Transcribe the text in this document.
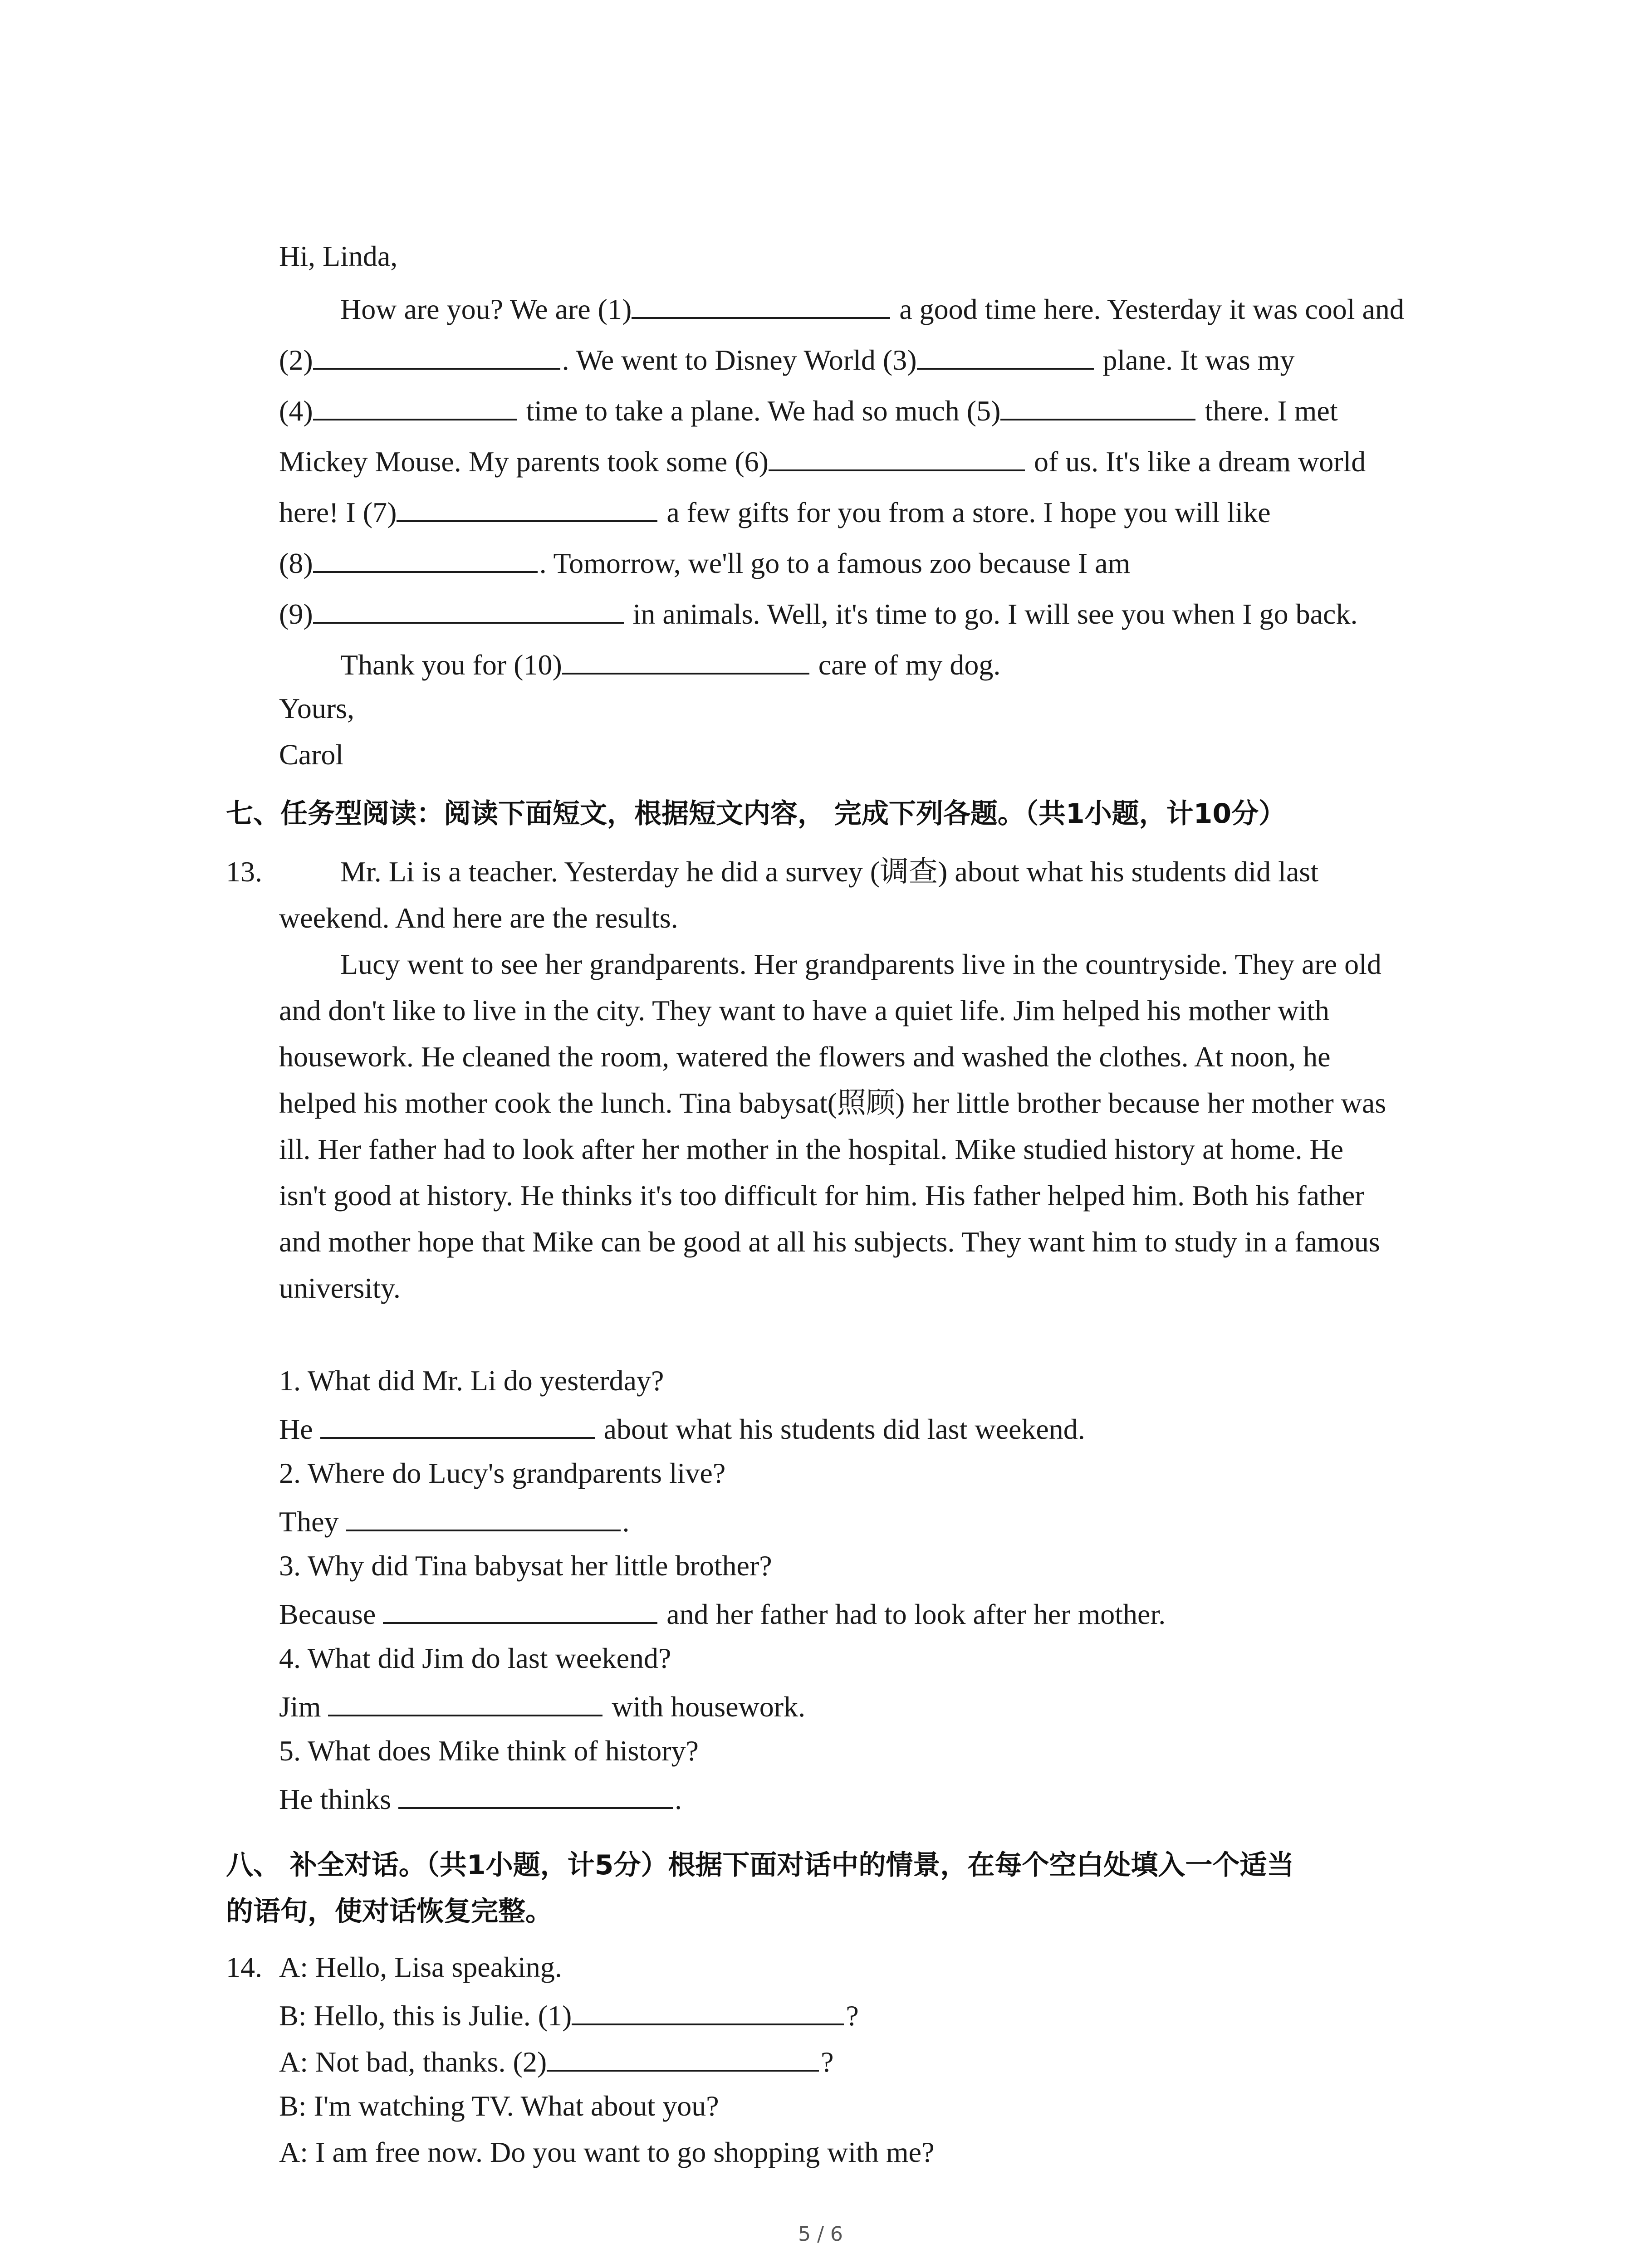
Hi, Linda,
How are you? We are (1)	a good time here. Yesterday it was cool and
(2)	. We went to Disney World (3)	plane. It was my
(4)	time to take a plane. We had so much (5)	there. I met
Mickey Mouse. My parents took some (6)	of us. It's like a dream world
here! I (7)	a few gifts for you from a store. I hope you will like
(8)	. Tomorrow, we'll go to a famous zoo because I am
(9)	in animals. Well, it's time to go. I will see you when I go back.
Thank you for (10)	care of my dog.
Yours,
Carol
七、任务型阅读：阅读下面短文，根据短文内容， 完成下列各题。（共1小题，计10分）
13.	Mr. Li is a teacher. Yesterday he did a survey (调查) about what his students did last
weekend. And here are the results.
Lucy went to see her grandparents. Her grandparents live in the countryside. They are old
and don't like to live in the city. They want to have a quiet life. Jim helped his mother with
housework. He cleaned the room, watered the flowers and washed the clothes. At noon, he
helped his mother cook the lunch. Tina babysat(照顾) her little brother because her mother was
ill. Her father had to look after her mother in the hospital. Mike studied history at home. He
isn't good at history. He thinks it's too difficult for him. His father helped him. Both his father
and mother hope that Mike can be good at all his subjects. They want him to study in a famous
university.
1. What did Mr. Li do yesterday?
He	about what his students did last weekend.
2. Where do Lucy's grandparents live?
They	.
3. Why did Tina babysat her little brother?
Because	and her father had to look after her mother.
4. What did Jim do last weekend?
Jim	with housework.
5. What does Mike think of history?
He thinks	.
八、 补全对话。（共1小题，计5分）根据下面对话中的情景，在每个空白处填入一个适当
的语句，使对话恢复完整。
14. A: Hello, Lisa speaking.
B: Hello, this is Julie. (1)	?
A: Not bad, thanks. (2)	?
B: I'm watching TV. What about you?
A: I am free now. Do you want to go shopping with me?
5 / 6
